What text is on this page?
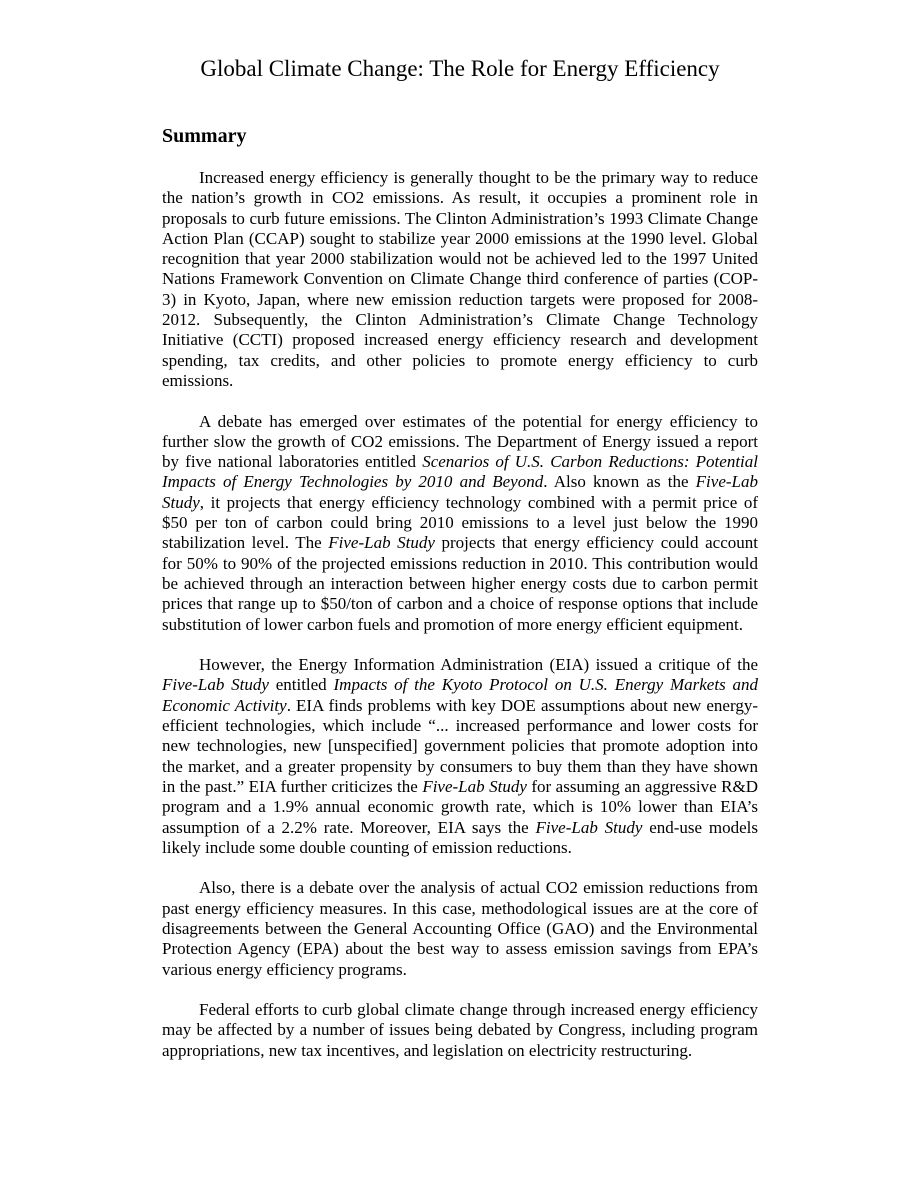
Global Climate Change: The Role for Energy Efficiency
Summary

Increased energy efficiency is generally thought to be the primary way to reduce the nation’s growth in CO2 emissions. As result, it occupies a prominent role in proposals to curb future emissions. The Clinton Administration’s 1993 Climate Change Action Plan (CCAP) sought to stabilize year 2000 emissions at the 1990 level. Global recognition that year 2000 stabilization would not be achieved led to the 1997 United Nations Framework Convention on Climate Change third conference of parties (COP-3) in Kyoto, Japan, where new emission reduction targets were proposed for 2008-2012. Subsequently, the Clinton Administration’s Climate Change Technology Initiative (CCTI) proposed increased energy efficiency research and development spending, tax credits, and other policies to promote energy efficiency to curb emissions.

A debate has emerged over estimates of the potential for energy efficiency to further slow the growth of CO2 emissions. The Department of Energy issued a report by five national laboratories entitled Scenarios of U.S. Carbon Reductions: Potential Impacts of Energy Technologies by 2010 and Beyond. Also known as the Five-Lab Study, it projects that energy efficiency technology combined with a permit price of $50 per ton of carbon could bring 2010 emissions to a level just below the 1990 stabilization level. The Five-Lab Study projects that energy efficiency could account for 50% to 90% of the projected emissions reduction in 2010. This contribution would be achieved through an interaction between higher energy costs due to carbon permit prices that range up to $50/ton of carbon and a choice of response options that include substitution of lower carbon fuels and promotion of more energy efficient equipment.

However, the Energy Information Administration (EIA) issued a critique of the Five-Lab Study entitled Impacts of the Kyoto Protocol on U.S. Energy Markets and Economic Activity. EIA finds problems with key DOE assumptions about new energy-efficient technologies, which include “... increased performance and lower costs for new technologies, new [unspecified] government policies that promote adoption into the market, and a greater propensity by consumers to buy them than they have shown in the past.” EIA further criticizes the Five-Lab Study for assuming an aggressive R&D program and a 1.9% annual economic growth rate, which is 10% lower than EIA’s assumption of a 2.2% rate. Moreover, EIA says the Five-Lab Study end-use models likely include some double counting of emission reductions.

Also, there is a debate over the analysis of actual CO2 emission reductions from past energy efficiency measures. In this case, methodological issues are at the core of disagreements between the General Accounting Office (GAO) and the Environmental Protection Agency (EPA) about the best way to assess emission savings from EPA’s various energy efficiency programs.

Federal efforts to curb global climate change through increased energy efficiency may be affected by a number of issues being debated by Congress, including program appropriations, new tax incentives, and legislation on electricity restructuring.
